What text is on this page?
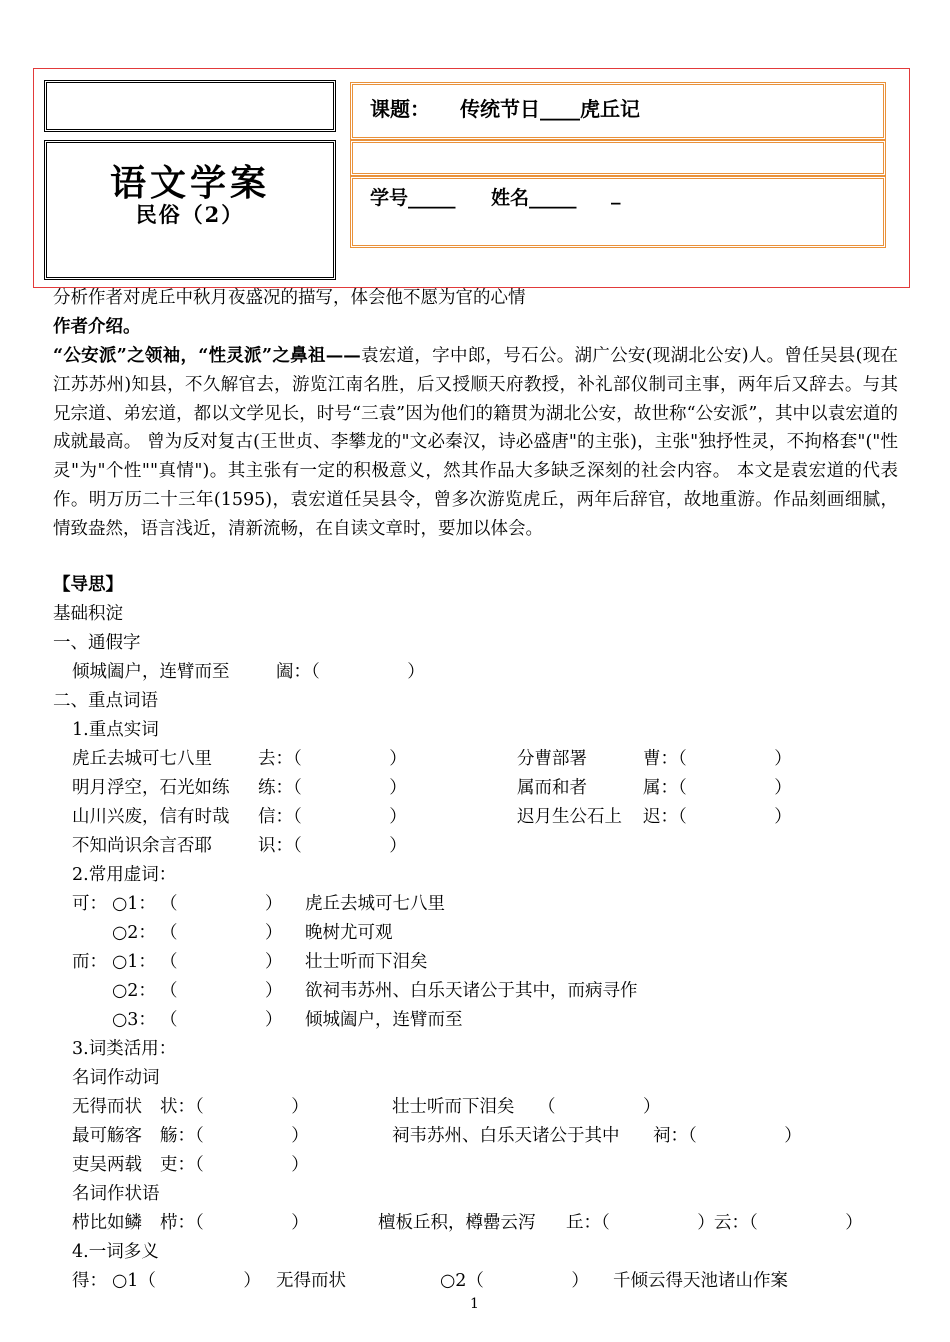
语文学案
民俗（2）
课题： 传统节日____虎丘记
学号_____ 姓名_____ _
分析作者对虎丘中秋月夜盛况的描写，体会他不愿为官的心情
作者介绍。
“公安派”之领袖，“性灵派”之鼻祖——袁宏道，字中郎，号石公。湖广公安(现湖北公安)人。曾任吴县(现在江苏苏州)知县，不久解官去，游览江南名胜，后又授顺天府教授，补礼部仪制司主事，两年后又辞去。与其兄宗道、弟宏道，都以文学见长，时号“三袁”因为他们的籍贯为湖北公安，故世称“公安派”，其中以袁宏道的成就最高。 曾为反对复古(王世贞、李攀龙的"文必秦汉，诗必盛唐"的主张)，主张"独抒性灵，不拘格套"("性灵"为"个性""真情")。其主张有一定的积极意义，然其作品大多缺乏深刻的社会内容。 本文是袁宏道的代表作。明万历二十三年(1595)，袁宏道任吴县令，曾多次游览虎丘，两年后辞官，故地重游。作品刻画细腻，情致盎然，语言浅近，清新流畅，在自读文章时，要加以体会。
【导思】
基础积淀
一、通假字
倾城阖户，连臂而至	阖：（　　　　　）
二、重点词语
1.重点实词
虎丘去城可七八里	去：（　　　　　）	分曹部署	曹：（　　　　　）
明月浮空，石光如练 练：（　　　　　）	属而和者	属：（　　　　　）
山川兴废，信有时哉 信：（　　　　　）	迟月生公石上 迟：（　　　　　）
不知尚识余言否耶	识：（　　　　　）
2.常用虚词：
可： ○1： （　　　　　） 虎丘去城可七八里
○2： （　　　　　） 晚树尤可观
而： ○1： （　　　　　） 壮士听而下泪矣
○2： （　　　　　） 欲祠韦苏州、白乐天诸公于其中，而病寻作
○3： （　　　　　） 倾城阖户，连臂而至
3.词类活用：
名词作动词
无得而状 状：（　　　　　）	壮士听而下泪矣 （　　　　　）
最可觞客 觞：（　　　　　）	祠韦苏州、白乐天诸公于其中 祠：（　　　　　）
吏吴两载 吏：（　　　　　）
名词作状语
栉比如鳞 栉：（　　　　　）	檀板丘积，樽罍云泻 丘：（　　　　　） 云：（　　　　　）
4.一词多义
得： ○1（　　　　　） 无得而状	○2（　　　　　） 千倾云得天池诸山作案
1
